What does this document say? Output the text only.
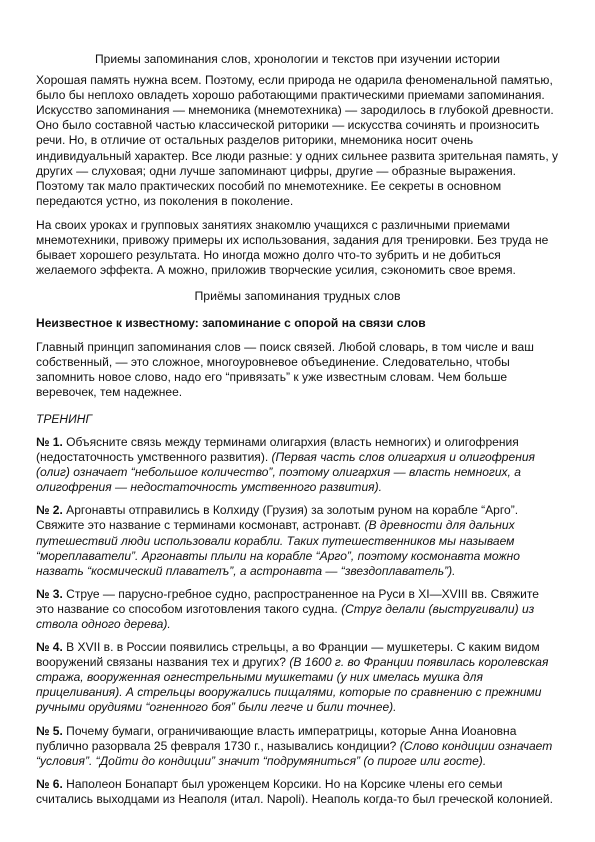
Приемы запоминания слов, хронологии и текстов при изучении истории

Хорошая память нужна всем. Поэтому, если природа не одарила феноменальной памятью, было бы неплохо овладеть хорошо работающими практическими приемами запоминания. Искусство запоминания — мнемоника (мнемотехника) — зародилось в глубокой древности. Оно было составной частью классической риторики — искусства сочинять и произносить речи. Но, в отличие от остальных разделов риторики, мнемоника носит очень индивидуальный характер. Все люди разные: у одних сильнее развита зрительная память, у других — слуховая; одни лучше запоминают цифры, другие — образные выражения. Поэтому так мало практических пособий по мнемотехнике. Ее секреты в основном передаются устно, из поколения в поколение.

На своих уроках и групповых занятиях знакомлю учащихся с различными приемами мнемотехники, привожу примеры их использования, задания для тренировки. Без труда не бывает хорошего результата. Но иногда можно долго что-то зубрить и не добиться желаемого эффекта. А можно, приложив творческие усилия, сэкономить свое время.

Приёмы запоминания трудных слов
Неизвестное к известному: запоминание с опорой на связи слов

Главный принцип запоминания слов — поиск связей. Любой словарь, в том числе и ваш собственный, — это сложное, многоуровневое объединение. Следовательно, чтобы запомнить новое слово, надо его “привязать” к уже известным словам. Чем больше веревочек, тем надежнее.

ТРЕНИНГ
№ 1. Объясните связь между терминами олигархия (власть немногих) и олигофрения (недостаточность умственного развития). (Первая часть слов олигархия и олигофрения (олиг) означает “небольшое количество”, поэтому олигархия — власть немногих, а олигофрения — недостаточность умственного развития).
№ 2. Аргонавты отправились в Колхиду (Грузия) за золотым руном на корабле “Арго”. Свяжите это название с терминами космонавт, астронавт. (В древности для дальних путешествий люди использовали корабли. Таких путешественников мы называем “мореплаватели”. Аргонавты плыли на корабле “Арго”, поэтому космонавта можно назвать “космический плавателъ”, а астронавта — “звездоплаватель”).
№ 3. Струе — парусно-гребное судно, распространенное на Руси в XI—XVIII вв. Свяжите это название со способом изготовления такого судна. (Струг делали (выстругивали) из ствола одного дерева).
№ 4. В XVII в. в России появились стрельцы, а во Франции — мушкетеры. С каким видом вооружений связаны названия тех и других? (В 1600 г. во Франции появилась королевская стража, вооруженная огнестрельными мушкетами (у них имелась мушка для прицеливания). А стрельцы вооружались пищалями, которые по сравнению с прежними ручными орудиями “огненного боя” были легче и били точнее).
№ 5. Почему бумаги, ограничивающие власть императрицы, которые Анна Иоановна публично разорвала 25 февраля 1730 г., назывались кондиции? (Слово кондиции означает “условия”. “Дойти до кондиции” значит “подрумяниться” (о пироге или госте).
№ 6. Наполеон Бонапарт был уроженцем Корсики. Но на Корсике члены его семьи считались выходцами из Неаполя (итал. Napoli). Неаполь когда-то был греческой колонией.
